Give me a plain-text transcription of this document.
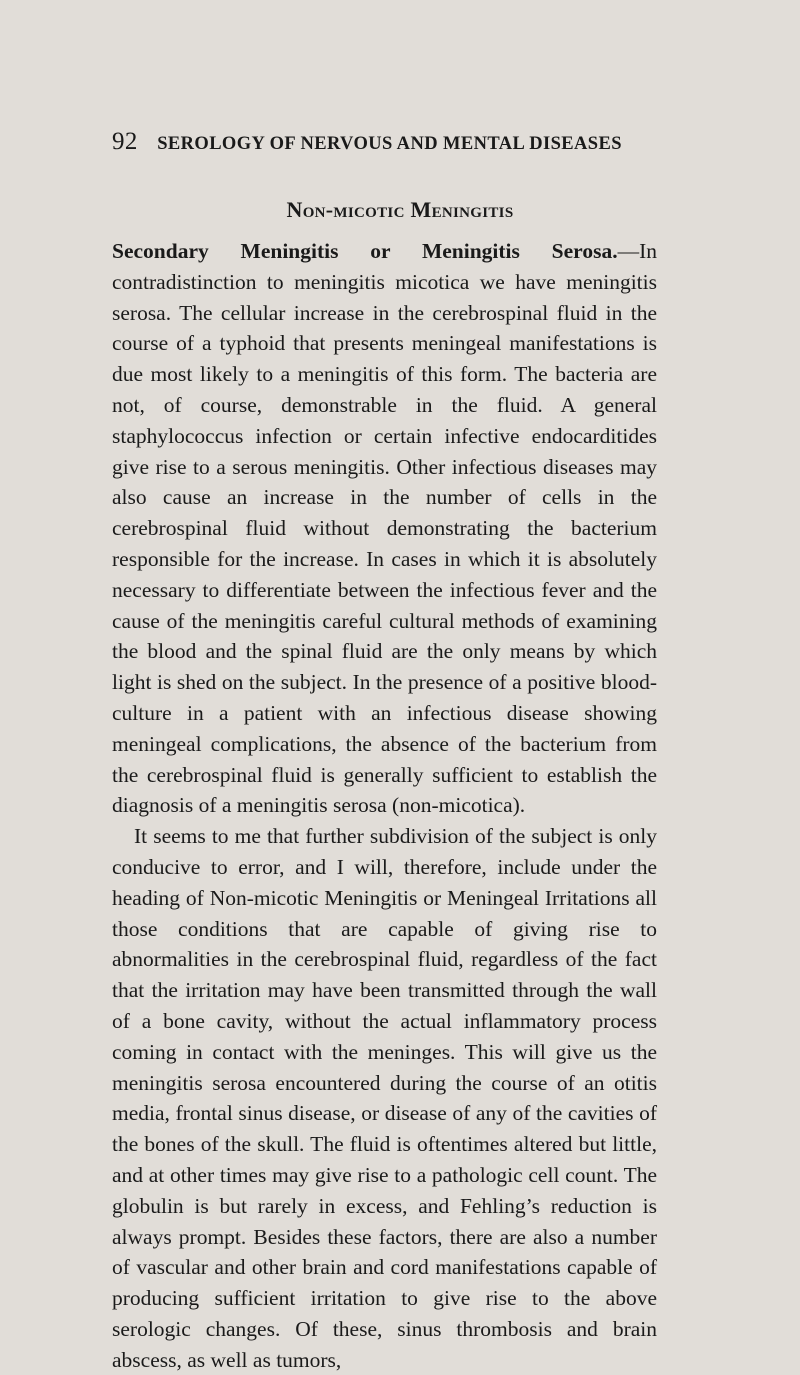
92 SEROLOGY OF NERVOUS AND MENTAL DISEASES
Non-micotic Meningitis

Secondary Meningitis or Meningitis Serosa.—In contradistinction to meningitis micotica we have meningitis serosa. The cellular increase in the cerebrospinal fluid in the course of a typhoid that presents meningeal manifestations is due most likely to a meningitis of this form. The bacteria are not, of course, demonstrable in the fluid. A general staphylococcus infection or certain infective endocarditides give rise to a serous meningitis. Other infectious diseases may also cause an increase in the number of cells in the cerebrospinal fluid without demonstrating the bacterium responsible for the increase. In cases in which it is absolutely necessary to differentiate between the infectious fever and the cause of the meningitis careful cultural methods of examining the blood and the spinal fluid are the only means by which light is shed on the subject. In the presence of a positive blood-culture in a patient with an infectious disease showing meningeal complications, the absence of the bacterium from the cerebrospinal fluid is generally sufficient to establish the diagnosis of a meningitis serosa (non-micotica).

It seems to me that further subdivision of the subject is only conducive to error, and I will, therefore, include under the heading of Non-micotic Meningitis or Meningeal Irritations all those conditions that are capable of giving rise to abnormalities in the cerebrospinal fluid, regardless of the fact that the irritation may have been transmitted through the wall of a bone cavity, without the actual inflammatory process coming in contact with the meninges. This will give us the meningitis serosa encountered during the course of an otitis media, frontal sinus disease, or disease of any of the cavities of the bones of the skull. The fluid is oftentimes altered but little, and at other times may give rise to a pathologic cell count. The globulin is but rarely in excess, and Fehling’s reduction is always prompt. Besides these factors, there are also a number of vascular and other brain and cord manifestations capable of producing sufficient irritation to give rise to the above serologic changes. Of these, sinus thrombosis and brain abscess, as well as tumors,
